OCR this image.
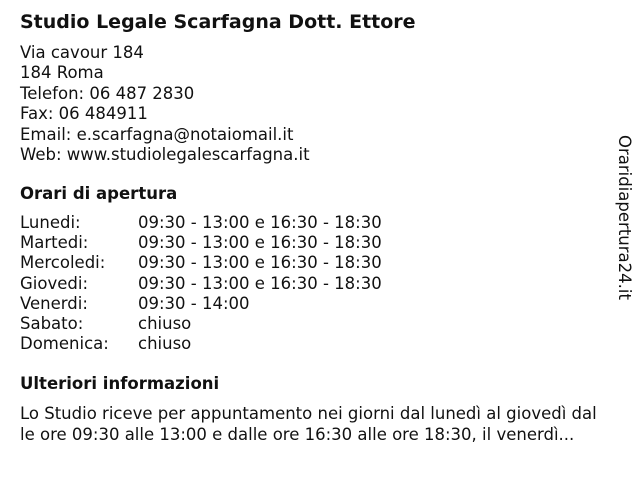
Studio Legale Scarfagna Dott. Ettore
Via cavour 184
184 Roma
Telefon: 06 487 2830
Fax: 06 484911
Email: e.scarfagna@notaiomail.it
Web: www.studiolegalescarfagna.it
Orari di apertura
Lunedi:	09:30 - 13:00 e 16:30 - 18:30
Martedi:	09:30 - 13:00 e 16:30 - 18:30
Mercoledi: 09:30 - 13:00 e 16:30 - 18:30
Giovedi:	09:30 - 13:00 e 16:30 - 18:30
Venerdi:	09:30 - 14:00
Sabato:	chiuso
Domenica: chiuso
Ulteriori informazioni
Lo Studio riceve per appuntamento nei giorni dal lunedì al giovedì dal
le ore 09:30 alle 13:00 e dalle ore 16:30 alle ore 18:30, il venerdì...
Oraridiapertura24.it
